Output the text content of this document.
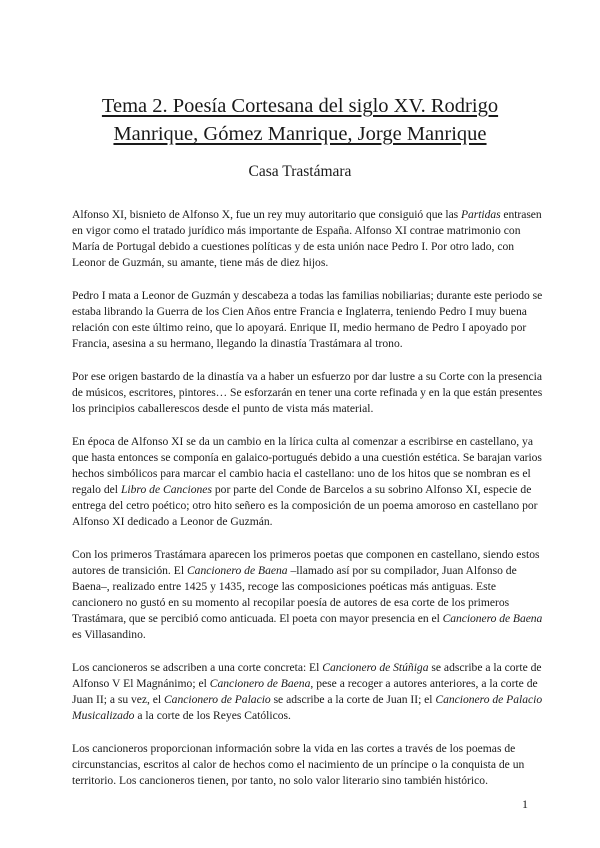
Tema 2. Poesía Cortesana del siglo XV. Rodrigo
Manrique, Gómez Manrique, Jorge Manrique
Casa Trastámara

Alfonso XI, bisnieto de Alfonso X, fue un rey muy autoritario que consiguió que las Partidas entrasen
en vigor como el tratado jurídico más importante de España. Alfonso XI contrae matrimonio con
María de Portugal debido a cuestiones políticas y de esta unión nace Pedro I. Por otro lado, con
Leonor de Guzmán, su amante, tiene más de diez hijos.

Pedro I mata a Leonor de Guzmán y descabeza a todas las familias nobiliarias; durante este periodo se
estaba librando la Guerra de los Cien Años entre Francia e Inglaterra, teniendo Pedro I muy buena
relación con este último reino, que lo apoyará. Enrique II, medio hermano de Pedro I apoyado por
Francia, asesina a su hermano, llegando la dinastía Trastámara al trono.

Por ese origen bastardo de la dinastía va a haber un esfuerzo por dar lustre a su Corte con la presencia
de músicos, escritores, pintores… Se esforzarán en tener una corte refinada y en la que están presentes
los principios caballerescos desde el punto de vista más material.

En época de Alfonso XI se da un cambio en la lírica culta al comenzar a escribirse en castellano, ya
que hasta entonces se componía en galaico-portugués debido a una cuestión estética. Se barajan varios
hechos simbólicos para marcar el cambio hacia el castellano: uno de los hitos que se nombran es el
regalo del Libro de Canciones por parte del Conde de Barcelos a su sobrino Alfonso XI, especie de
entrega del cetro poético; otro hito señero es la composición de un poema amoroso en castellano por
Alfonso XI dedicado a Leonor de Guzmán.

Con los primeros Trastámara aparecen los primeros poetas que componen en castellano, siendo estos
autores de transición. El Cancionero de Baena –llamado así por su compilador, Juan Alfonso de
Baena–, realizado entre 1425 y 1435, recoge las composiciones poéticas más antiguas. Este
cancionero no gustó en su momento al recopilar poesía de autores de esa corte de los primeros
Trastámara, que se percibió como anticuada. El poeta con mayor presencia en el Cancionero de Baena
es Villasandino.

Los cancioneros se adscriben a una corte concreta: El Cancionero de Stúñiga se adscribe a la corte de
Alfonso V El Magnánimo; el Cancionero de Baena, pese a recoger a autores anteriores, a la corte de
Juan II; a su vez, el Cancionero de Palacio se adscribe a la corte de Juan II; el Cancionero de Palacio
Musicalizado a la corte de los Reyes Católicos.

Los cancioneros proporcionan información sobre la vida en las cortes a través de los poemas de
circunstancias, escritos al calor de hechos como el nacimiento de un príncipe o la conquista de un
territorio. Los cancioneros tienen, por tanto, no solo valor literario sino también histórico.

1
